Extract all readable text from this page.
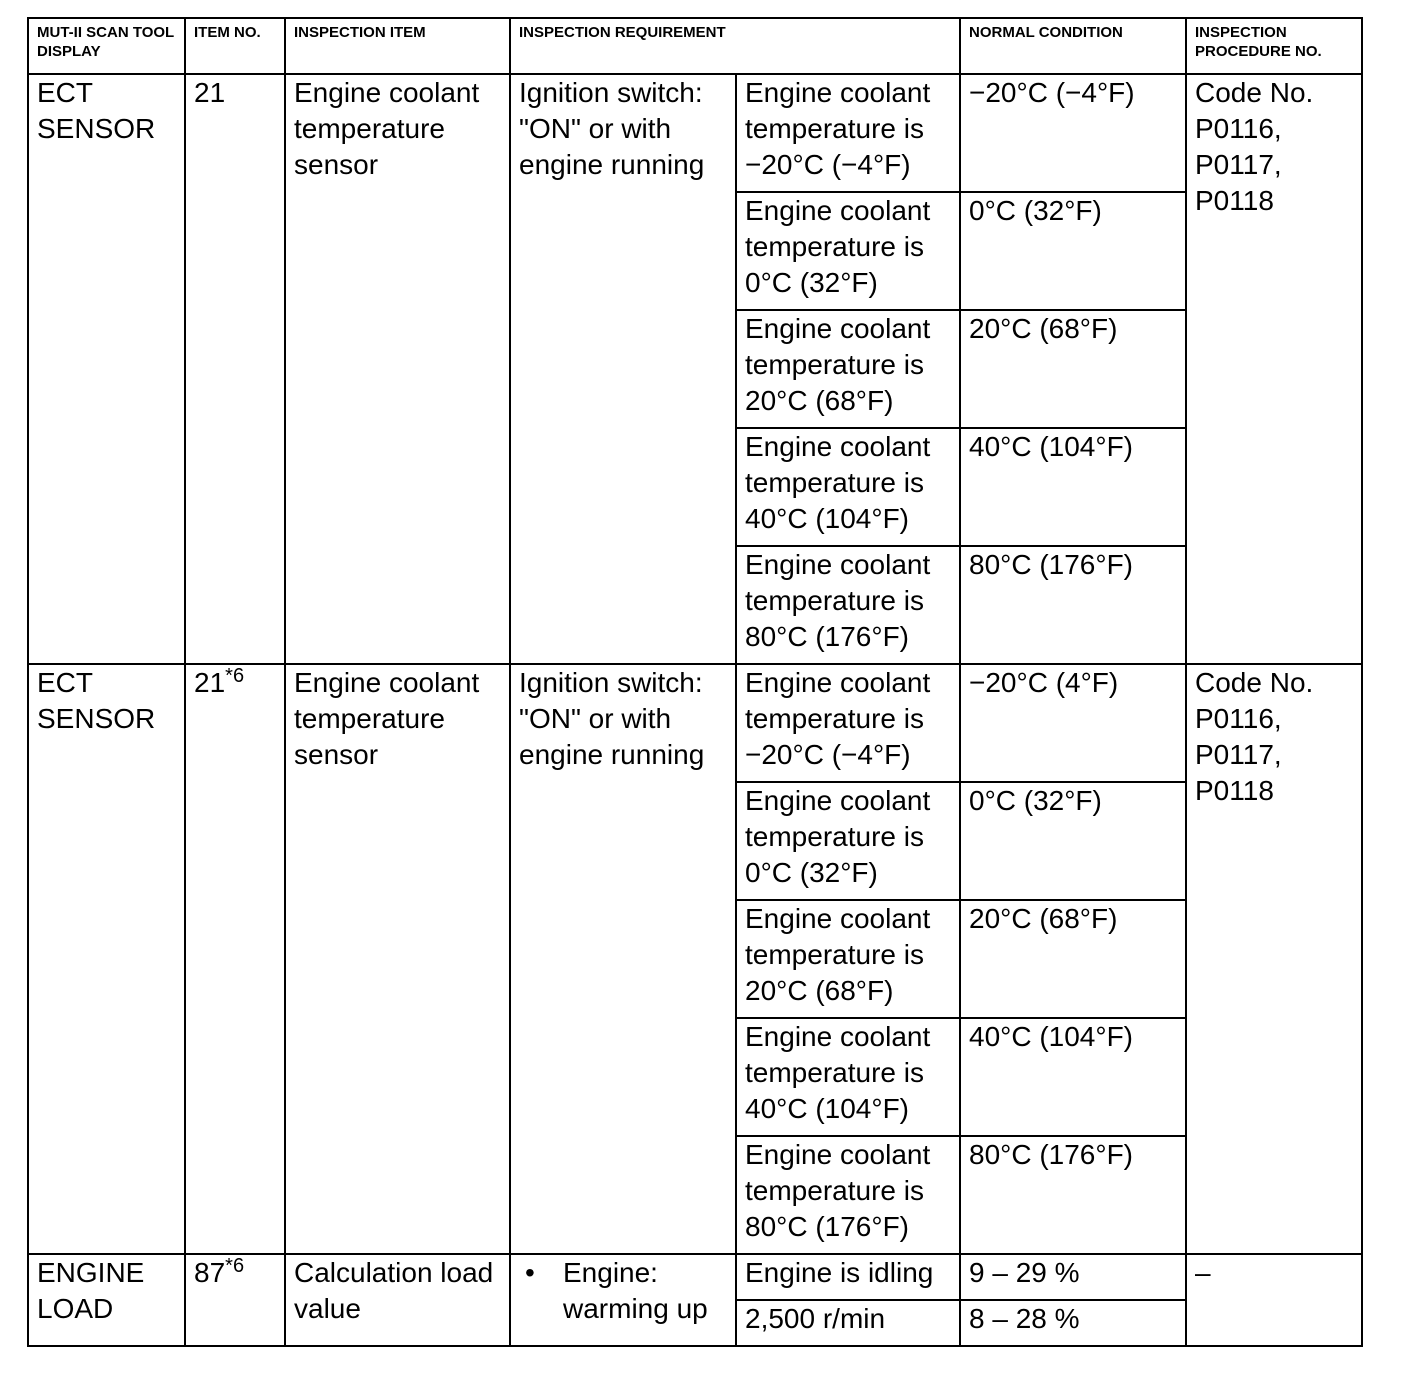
MUT-II SCAN TOOL DISPLAY	ITEM NO.	INSPECTION ITEM	INSPECTION REQUIREMENT		NORMAL CONDITION	INSPECTION PROCEDURE NO.
ECT SENSOR	21	Engine coolant temperature sensor	Ignition switch: "ON" or with engine running	Engine coolant temperature is −20°C (−4°F)	−20°C (−4°F)	Code No. P0116, P0117, P0118
				Engine coolant temperature is 0°C (32°F)	0°C (32°F)	
				Engine coolant temperature is 20°C (68°F)	20°C (68°F)	
				Engine coolant temperature is 40°C (104°F)	40°C (104°F)	
				Engine coolant temperature is 80°C (176°F)	80°C (176°F)	
ECT SENSOR	21$^{*6}$	Engine coolant temperature sensor	Ignition switch: "ON" or with engine running	Engine coolant temperature is −20°C (−4°F)	−20°C (4°F)	Code No. P0116, P0117, P0118
				Engine coolant temperature is 0°C (32°F)	0°C (32°F)	
				Engine coolant temperature is 20°C (68°F)	20°C (68°F)	
				Engine coolant temperature is 40°C (104°F)	40°C (104°F)	
				Engine coolant temperature is 80°C (176°F)	80°C (176°F)	
ENGINE LOAD	87$^{*6}$	Calculation load value	• Engine: warming up	Engine is idling	9 – 29 %	–
				2,500 r/min	8 – 28 %	
